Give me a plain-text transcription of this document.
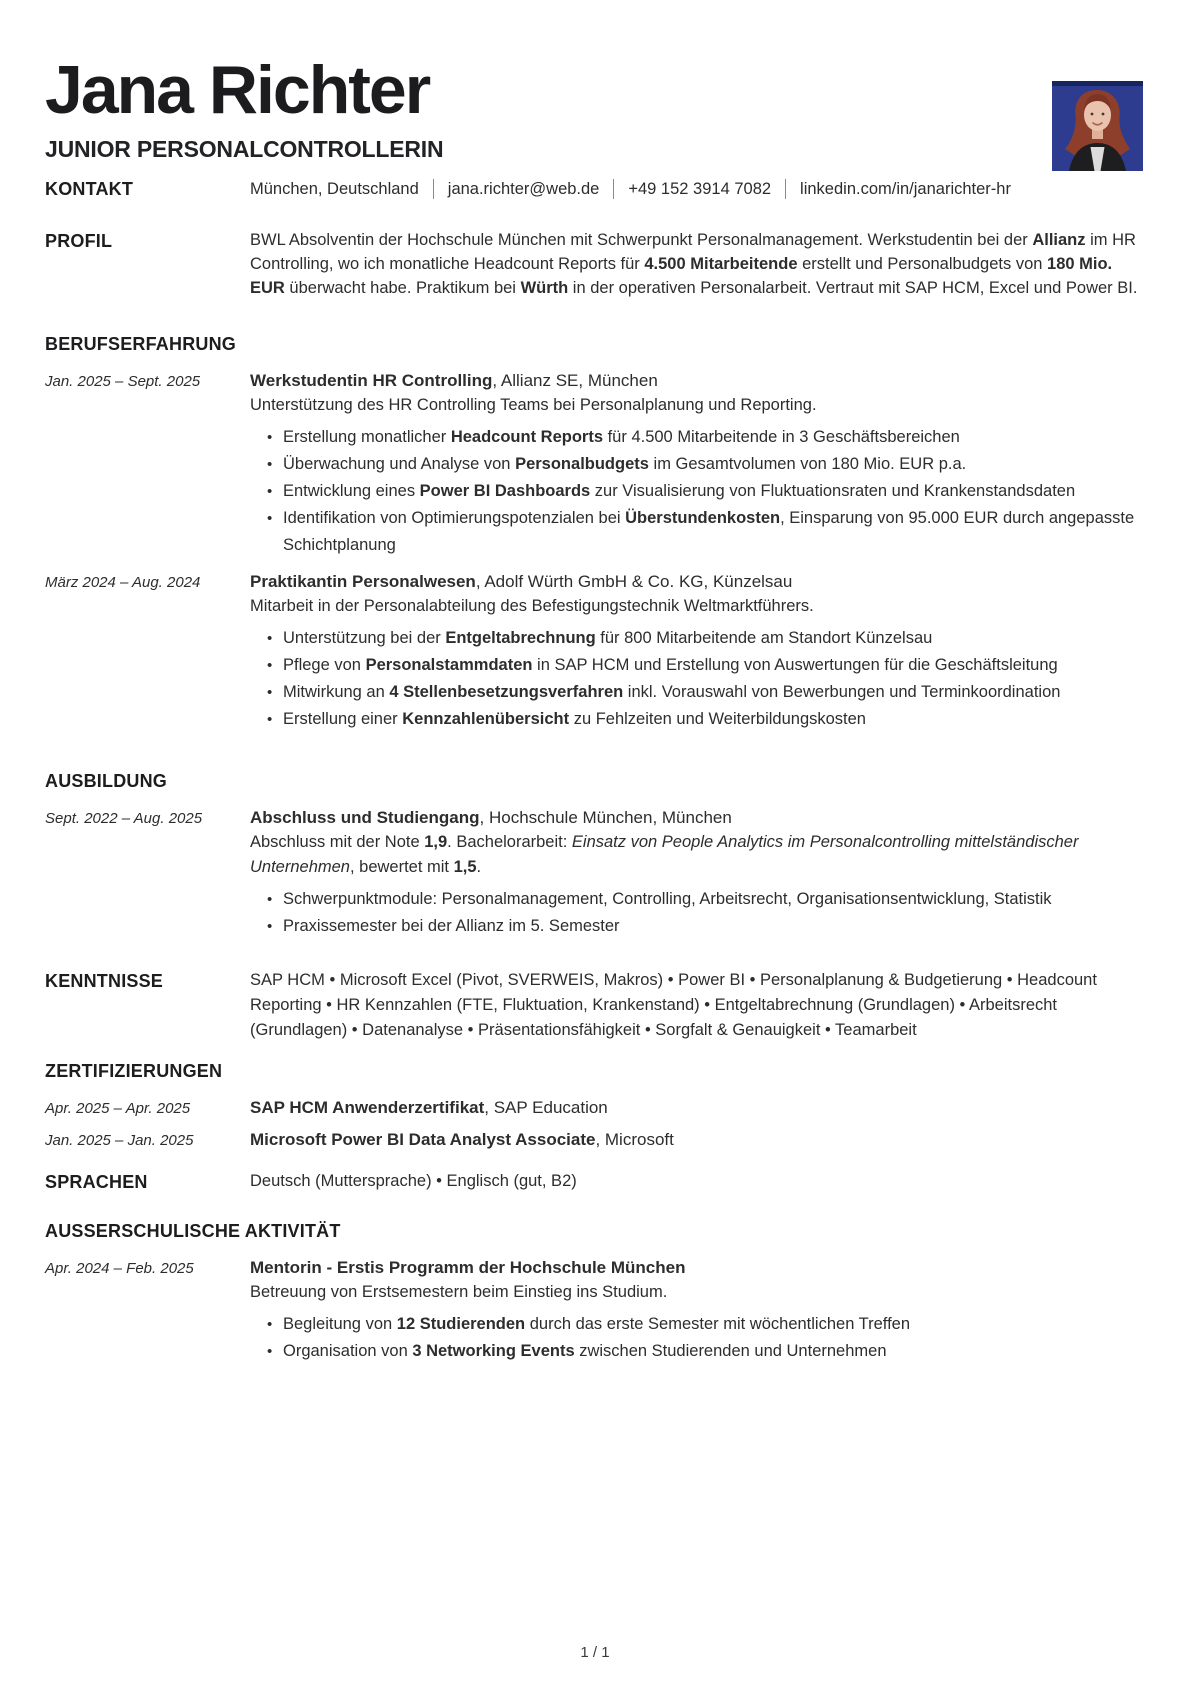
Jana Richter
JUNIOR PERSONALCONTROLLERIN
KONTAKT	München, Deutschland jana.richter@web.de +49 152 3914 7082 linkedin.com/in/janarichter-hr
PROFIL	BWL Absolventin der Hochschule München mit Schwerpunkt Personalmanagement. Werkstudentin bei der Allianz im HR Controlling, wo ich monatliche Headcount Reports für 4.500 Mitarbeitende erstellt und Personalbudgets von 180 Mio. EUR überwacht habe. Praktikum bei Würth in der operativen Personalarbeit. Vertraut mit SAP HCM, Excel und Power BI.
BERUFSERFAHRUNG
Jan. 2025 – Sept. 2025	Werkstudentin HR Controlling, Allianz SE, München
Unterstützung des HR Controlling Teams bei Personalplanung und Reporting.
• Erstellung monatlicher Headcount Reports für 4.500 Mitarbeitende in 3 Geschäftsbereichen
• Überwachung und Analyse von Personalbudgets im Gesamtvolumen von 180 Mio. EUR p.a.
• Entwicklung eines Power BI Dashboards zur Visualisierung von Fluktuationsraten und Krankenstandsdaten
• Identifikation von Optimierungspotenzialen bei Überstundenkosten, Einsparung von 95.000 EUR durch angepasste Schichtplanung
März 2024 – Aug. 2024	Praktikantin Personalwesen, Adolf Würth GmbH & Co. KG, Künzelsau
Mitarbeit in der Personalabteilung des Befestigungstechnik Weltmarktführers.
• Unterstützung bei der Entgeltabrechnung für 800 Mitarbeitende am Standort Künzelsau
• Pflege von Personalstammdaten in SAP HCM und Erstellung von Auswertungen für die Geschäftsleitung
• Mitwirkung an 4 Stellenbesetzungsverfahren inkl. Vorauswahl von Bewerbungen und Terminkoordination
• Erstellung einer Kennzahlenübersicht zu Fehlzeiten und Weiterbildungskosten
AUSBILDUNG
Sept. 2022 – Aug. 2025	Abschluss und Studiengang, Hochschule München, München
Abschluss mit der Note 1,9. Bachelorarbeit: Einsatz von People Analytics im Personalcontrolling mittelständischer Unternehmen, bewertet mit 1,5.
• Schwerpunktmodule: Personalmanagement, Controlling, Arbeitsrecht, Organisationsentwicklung, Statistik
• Praxissemester bei der Allianz im 5. Semester
KENNTNISSE	SAP HCM • Microsoft Excel (Pivot, SVERWEIS, Makros) • Power BI • Personalplanung & Budgetierung • Headcount Reporting • HR Kennzahlen (FTE, Fluktuation, Krankenstand) • Entgeltabrechnung (Grundlagen) • Arbeitsrecht (Grundlagen) • Datenanalyse • Präsentationsfähigkeit • Sorgfalt & Genauigkeit • Teamarbeit
ZERTIFIZIERUNGEN
Apr. 2025 – Apr. 2025	SAP HCM Anwenderzertifikat, SAP Education
Jan. 2025 – Jan. 2025	Microsoft Power BI Data Analyst Associate, Microsoft
SPRACHEN	Deutsch (Muttersprache) • Englisch (gut, B2)
AUSSERSCHULISCHE AKTIVITÄT
Apr. 2024 – Feb. 2025	Mentorin - Erstis Programm der Hochschule München
Betreuung von Erstsemestern beim Einstieg ins Studium.
• Begleitung von 12 Studierenden durch das erste Semester mit wöchentlichen Treffen
• Organisation von 3 Networking Events zwischen Studierenden und Unternehmen
1 / 1
